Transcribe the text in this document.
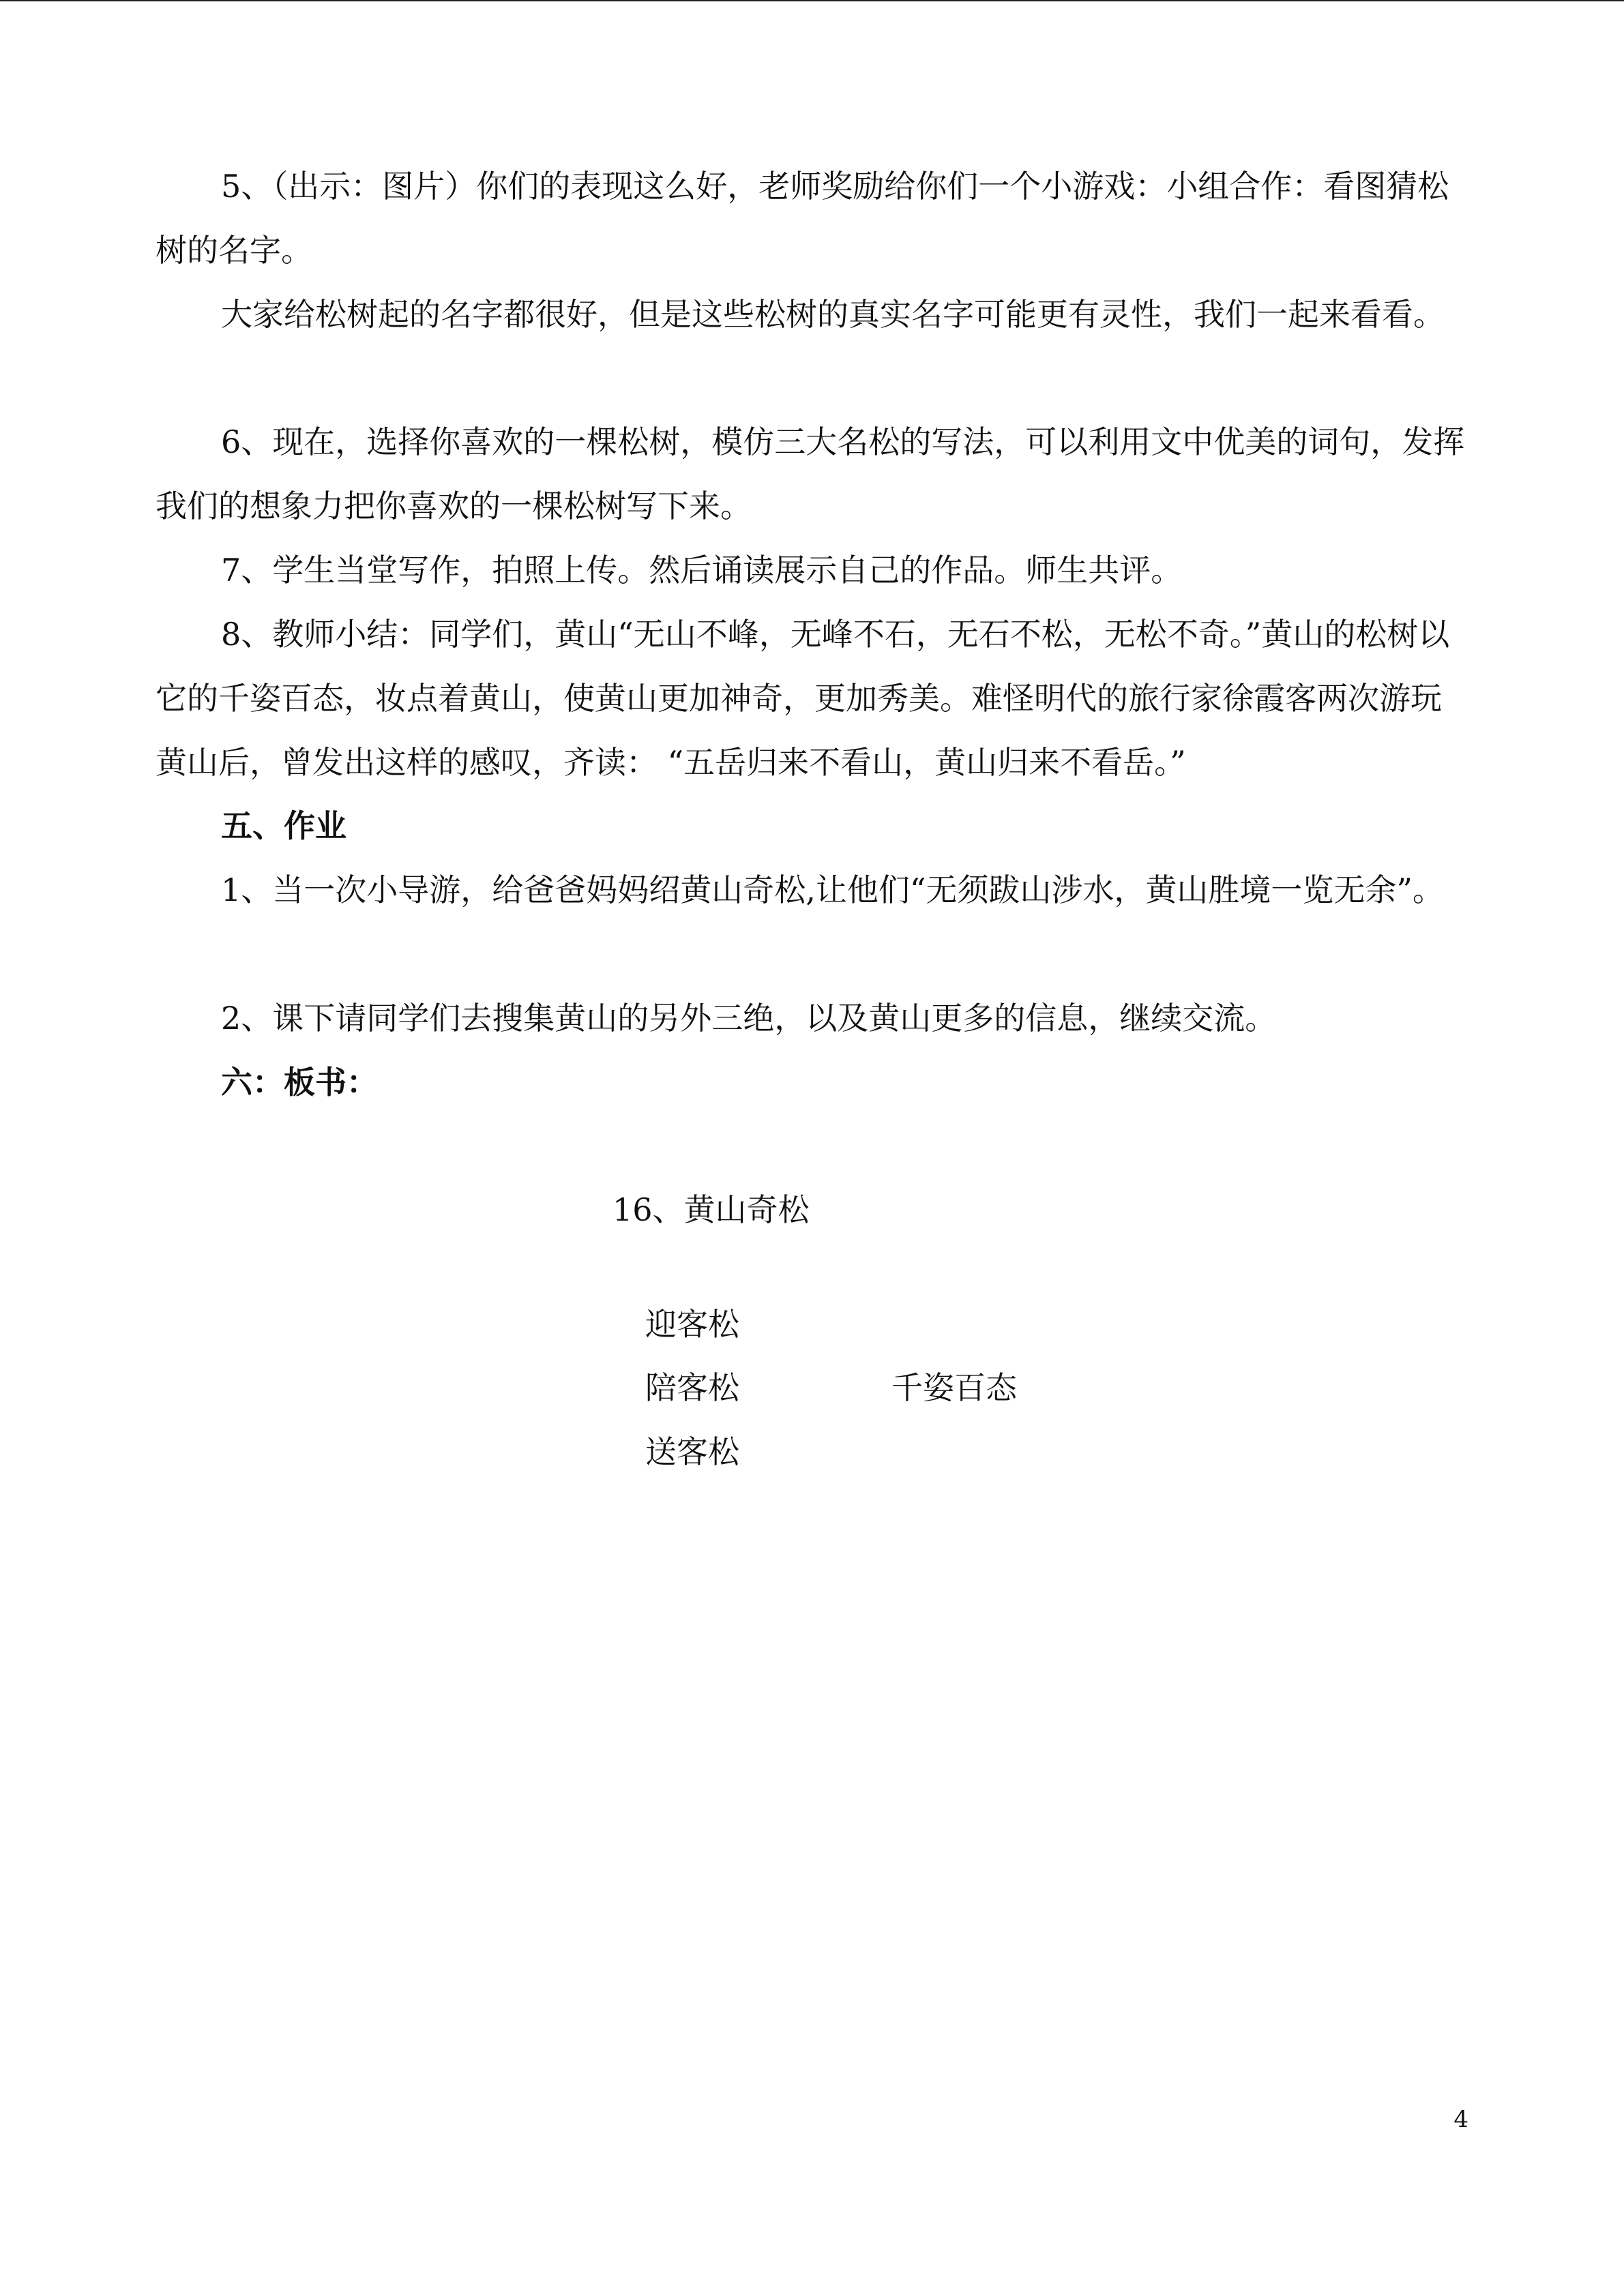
5、（出示：图片）你们的表现这么好，老师奖励给你们一个小游戏：小组合作：看图猜松树的名字。

大家给松树起的名字都很好，但是这些松树的真实名字可能更有灵性，我们一起来看看。

6、现在，选择你喜欢的一棵松树，模仿三大名松的写法，可以利用文中优美的词句，发挥我们的想象力把你喜欢的一棵松树写下来。

7、学生当堂写作，拍照上传。然后诵读展示自己的作品。师生共评。

8、教师小结：同学们，黄山“无山不峰，无峰不石，无石不松，无松不奇。”黄山的松树以它的千姿百态，妆点着黄山，使黄山更加神奇，更加秀美。难怪明代的旅行家徐霞客两次游玩黄山后，曾发出这样的感叹，齐读： “五岳归来不看山，黄山归来不看岳。”

五、作业

1、当一次小导游，给爸爸妈妈绍黄山奇松,让他们“无须跋山涉水，黄山胜境一览无余”。

2、课下请同学们去搜集黄山的另外三绝，以及黄山更多的信息，继续交流。

六：板书：

16、黄山奇松

迎客松

陪客松

送客松

千姿百态

4
